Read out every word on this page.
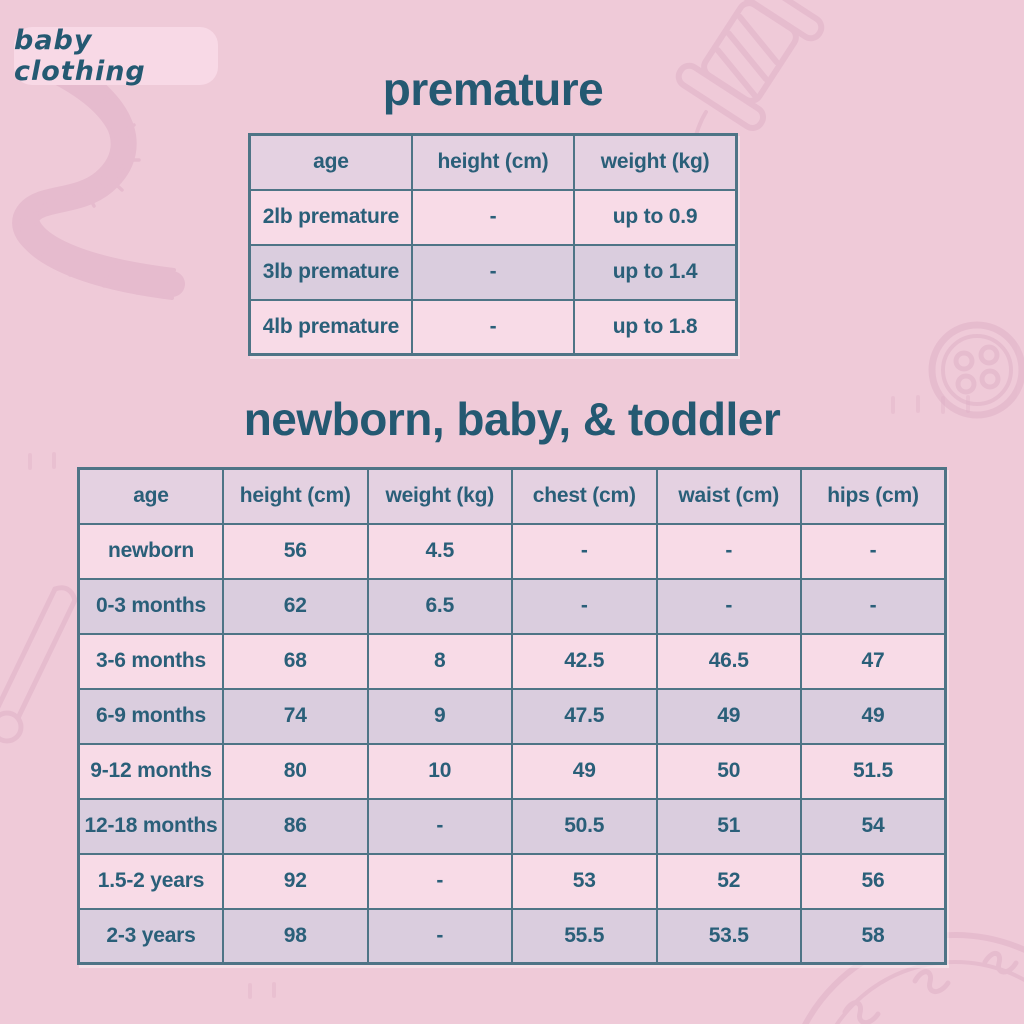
baby clothing	premature
age	height (cm)	weight (kg)
2lb premature	-	up to 0.9
3lb premature	-	up to 1.4
4lb premature	-	up to 1.8
newborn, baby, & toddler
age	height (cm)	weight (kg)	chest (cm)	waist (cm)	hips (cm)
newborn	56	4.5	-	-	-
0-3 months	62	6.5	-	-	-
3-6 months	68	8	42.5	46.5	47
6-9 months	74	9	47.5	49	49
9-12 months	80	10	49	50	51.5
12-18 months	86	-	50.5	51	54
1.5-2 years	92	-	53	52	56
2-3 years	98	-	55.5	53.5	58
